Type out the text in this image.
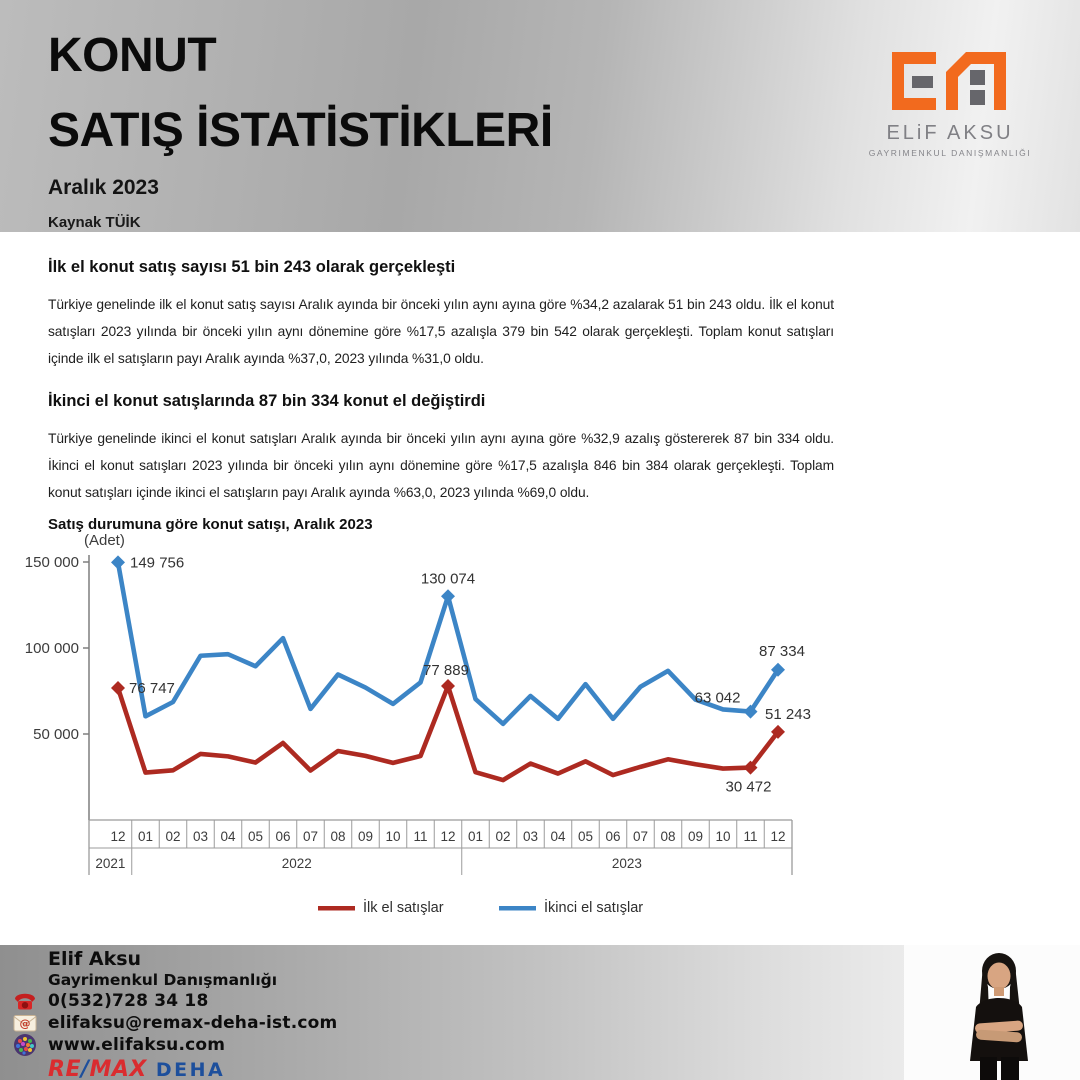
KONUT
SATIŞ İSTATİSTİKLERİ
Aralık 2023
Kaynak TÜİK
ELiF AKSU
GAYRIMENKUL DANIŞMANLIĞI
İlk el konut satış sayısı 51 bin 243 olarak gerçekleşti

Türkiye genelinde ilk el konut satış sayısı Aralık ayında bir önceki yılın aynı ayına göre %34,2 azalarak 51 bin 243 oldu. İlk el konut satışları 2023 yılında bir önceki yılın aynı dönemine göre %17,5 azalışla 379 bin 542 olarak gerçekleşti. Toplam konut satışları içinde ilk el satışların payı Aralık ayında %37,0, 2023 yılında %31,0 oldu.

İkinci el konut satışlarında 87 bin 334 konut el değiştirdi

Türkiye genelinde ikinci el konut satışları Aralık ayında bir önceki yılın aynı ayına göre %32,9 azalış göstererek 87 bin 334 oldu. İkinci el konut satışları 2023 yılında bir önceki yılın aynı dönemine göre %17,5 azalışla 846 bin 384 olarak gerçekleşti. Toplam konut satışları içinde ikinci el satışların payı Aralık ayında %63,0, 2023 yılında %69,0 oldu.

Satış durumuna göre konut satışı, Aralık 2023
(Adet)
150 000
100 000
50 000
12 01 02 03 04 05 06 07 08 09 10 11 12 01 02 03 04 05 06 07 08 09 10 11 12
2021	2022	2023
149 756
76 747
130 074
77 889
63 042
87 334
51 243
30 472
İlk el satışlar	İkinci el satışlar
Elif Aksu
Gayrimenkul Danışmanlığı
0(532)728 34 18
@	elifaksu@remax-deha-ist.com
www.elifaksu.com
RE/MAX DEHA
